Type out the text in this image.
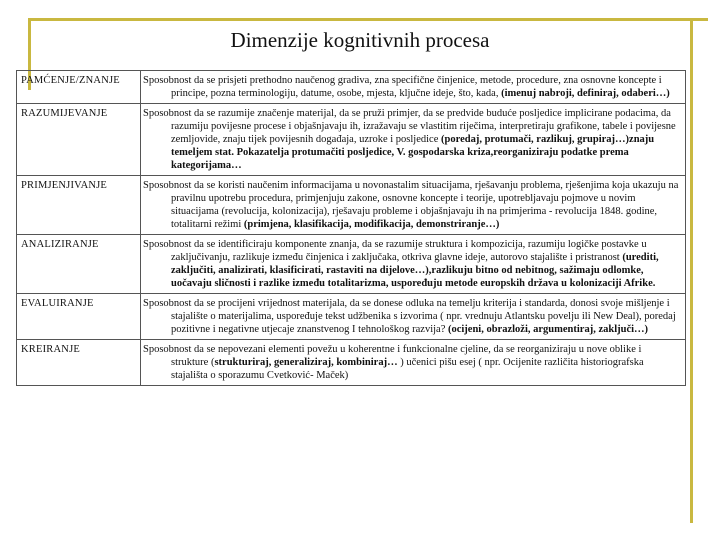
Dimenzije kognitivnih procesa
PAMĆENJE/ZNANJE	Sposobnost da se prisjeti prethodno naučenog gradiva, zna specifične činjenice, metode, procedure, zna osnovne koncepte i principe, pozna terminologiju, datume, osobe, mjesta, ključne ideje, što, kada, (imenuj nabroji, definiraj, odaberi…)
RAZUMIJEVANJE	Sposobnost da se razumije značenje materijal, da se pruži primjer, da se predvide buduće posljedice implicirane podacima, da razumiju povijesne procese i objašnjavaju ih, izražavaju se vlastitim riječima, interpretiraju grafikone, tabele i povijesne zemljovide, znaju tijek povijesnih događaja, uzroke i posljedice (poredaj, protumači, razlikuj, grupiraj…)znaju temeljem stat. Pokazatelja protumačiti posljedice, V. gospodarska kriza,reorganiziraju podatke prema kategorijama…
PRIMJENJIVANJE	Sposobnost da se koristi naučenim informacijama u novonastalim situacijama, rješavanju problema, rješenjima koja ukazuju na pravilnu upotrebu procedura, primjenjuju zakone, osnovne koncepte i teorije, upotrebljavaju pojmove u novim situacijama (revolucija, kolonizacija), rješavaju probleme i objašnjavaju ih na primjerima - revolucija 1848. godine, totalitarni režimi (primjena, klasifikacija, modifikacija, demonstriranje…)
ANALIZIRANJE	Sposobnost da se identificiraju komponente znanja, da se razumije struktura i kompozicija, razumiju logičke postavke u zaključivanju, razlikuje između činjenica i zaključaka, otkriva glavne ideje, autorovo stajalište i pristranost (urediti, zaključiti, analizirati, klasificirati, rastaviti na dijelove…),razlikuju bitno od nebitnog, sažimaju odlomke, uočavaju sličnosti i razlike između totalitarizma, uspoređuju metode europskih država u kolonizaciji Afrike.
EVALUIRANJE	Sposobnost da se procijeni vrijednost materijala, da se donese odluka na temelju kriterija i standarda, donosi svoje mišljenje i stajalište o materijalima, uspoređuje tekst udžbenika s izvorima ( npr. vrednuju Atlantsku povelju ili New Deal), poredaj pozitivne i negativne utjecaje znanstvenog I tehnološkog razvija? (ocijeni, obrazloži, argumentiraj, zaključi…)
KREIRANJE	Sposobnost da se nepovezani elementi povežu u koherentne i funkcionalne cjeline, da se reorganiziraju u nove oblike i strukture (strukturiraj, generaliziraj, kombiniraj… ) učenici pišu esej ( npr. Ocijenite različita historiografska stajališta o sporazumu Cvetković- Maček)
